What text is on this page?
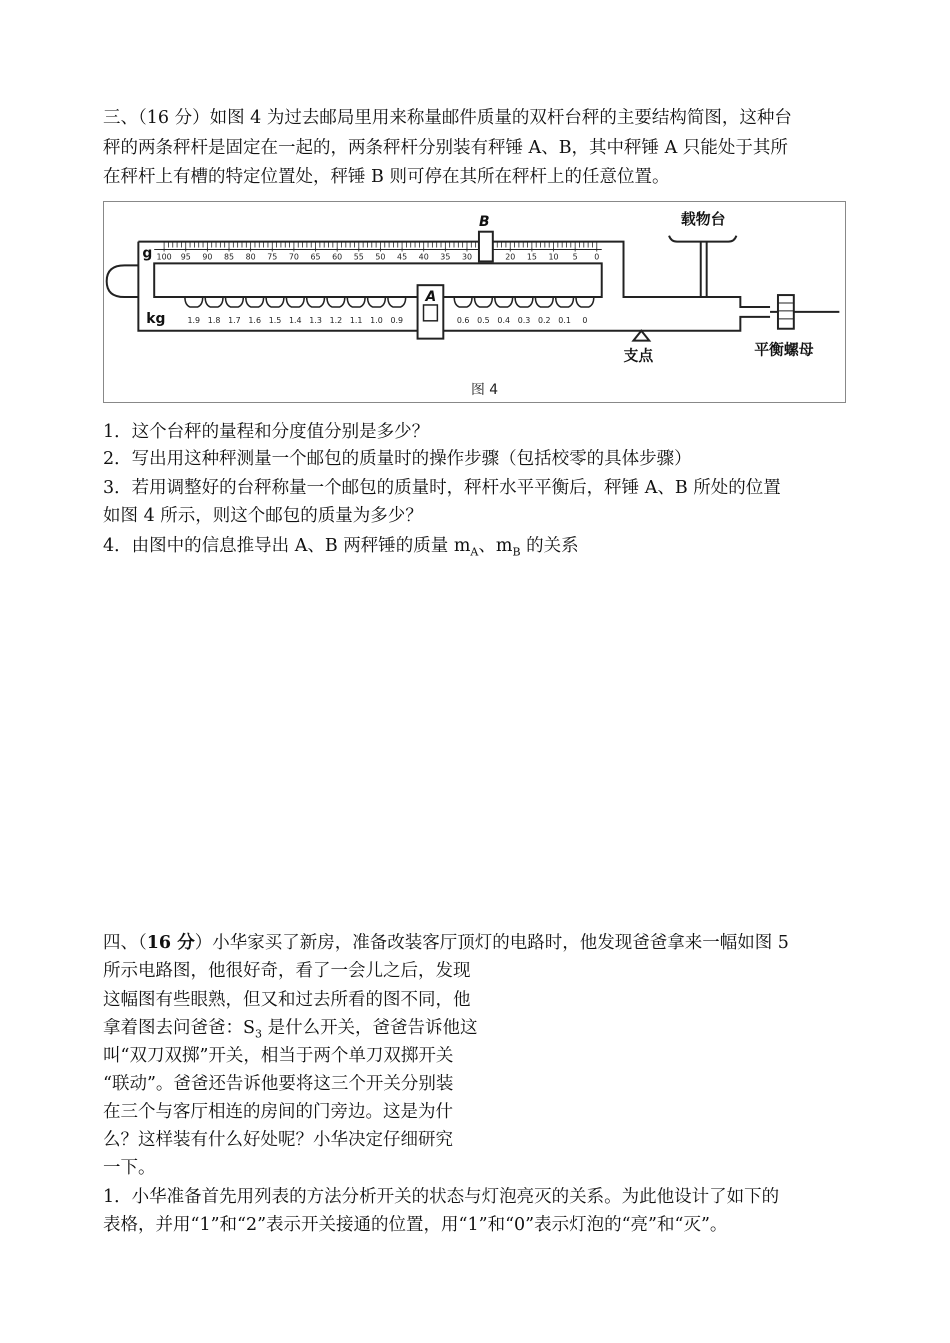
三、（16 分）如图 4 为过去邮局里用来称量邮件质量的双杆台秤的主要结构简图，这种台
秤的两条秤杆是固定在一起的，两条秤杆分别装有秤锤 A、B，其中秤锤 A 只能处于其所
在秤杆上有槽的特定位置处，秤锤 B 则可停在其所在秤杆上的任意位置。
100 95 90 85 80 75 70 65 60 55 50 45 40 35 30	20 15 10 5 0
1.9 1.8 1.7 1.6 1.5 1.4 1.3 1.2 1.1 1.0 0.9	0.6 0.5 0.4 0.3 0.2 0.1 0
B
A
g
kg
载物台
支点	平衡螺母
图 4
1．这个台秤的量程和分度值分别是多少？
2．写出用这种秤测量一个邮包的质量时的操作步骤（包括校零的具体步骤）
3．若用调整好的台秤称量一个邮包的质量时，秤杆水平平衡后，秤锤 A、B 所处的位置
如图 4 所示，则这个邮包的质量为多少？
4．由图中的信息推导出 A、B 两秤锤的质量 $m_A$、$m_B$ 的关系
四、（16 分）小华家买了新房，准备改装客厅顶灯的电路时，他发现爸爸拿来一幅如图 5
所示电路图，他很好奇，看了一会儿之后，发现
这幅图有些眼熟，但又和过去所看的图不同，他
拿着图去问爸爸：$S_3$ 是什么开关，爸爸告诉他这
叫“双刀双掷”开关，相当于两个单刀双掷开关
“联动”。爸爸还告诉他要将这三个开关分别装
在三个与客厅相连的房间的门旁边。这是为什
么？这样装有什么好处呢？小华决定仔细研究
一下。
1．小华准备首先用列表的方法分析开关的状态与灯泡亮灭的关系。为此他设计了如下的
表格，并用“1”和“2”表示开关接通的位置，用“1”和“0”表示灯泡的“亮”和“灭”。
